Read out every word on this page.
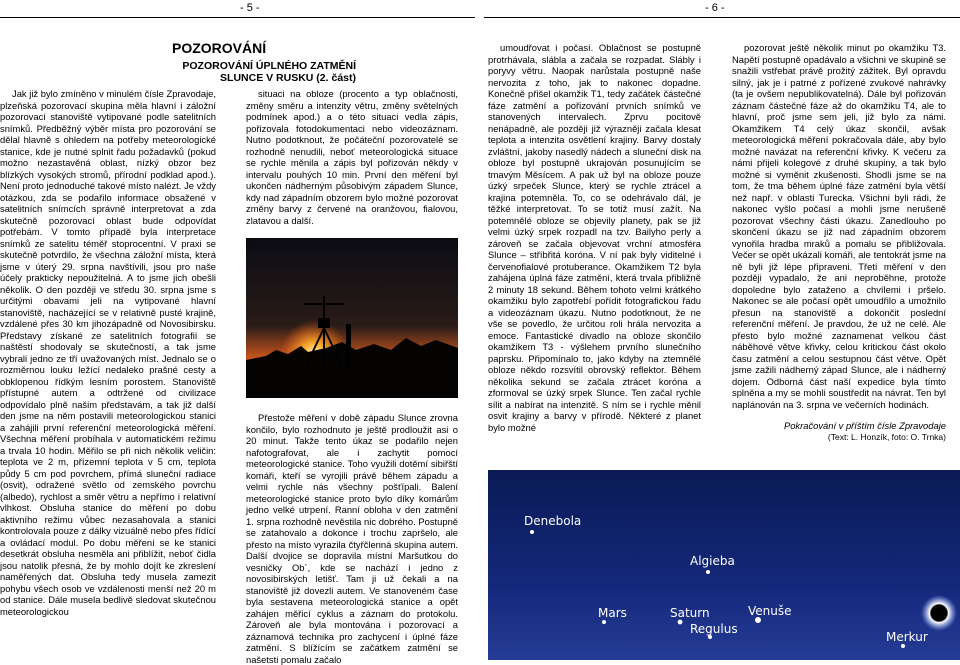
- 5 -	- 6 -
POZOROVÁNÍ
POZOROVÁNÍ ÚPLNÉHO ZATMĚNÍ SLUNCE V RUSKU (2. část)

Jak již bylo zmíněno v minulém čísle Zpravodaje, plzeňská pozorovací skupina měla hlavní i záložní pozorovací stanoviště vytipované podle satelitních snímků. Předběžný výběr místa pro pozorování se dělal hlavně s ohledem na potřeby meteorologické stanice, kde je nutné splnit řadu požadavků (pokud možno nezastavěná oblast, nízký obzor bez blízkých vysokých stromů, přírodní podklad apod.). Není proto jednoduché takové místo nalézt. Je vždy otázkou, zda se podařilo informace obsažené v satelitních snímcích správně interpretovat a zda skutečně pozorovací oblast bude odpovídat potřebám. V tomto případě byla interpretace snímků ze satelitu téměř stoprocentní. V praxi se skutečně potvrdilo, že všechna záložní místa, která jsme v úterý 29. srpna navštívili, jsou pro naše účely prakticky nepoužitelná. A to jsme jich obešli několik. O den později ve středu 30. srpna jsme s určitými obavami jeli na vytipované hlavní stanoviště, nacházející se v relativně pusté krajině, vzdálené přes 30 km jihozápadně od Novosibirsku. Představy získané ze satelitních fotografií se naštěstí shodovaly se skutečností, a tak jsme vybrali jedno ze tří uvažovaných míst. Jednalo se o rozměrnou louku ležící nedaleko prašné cesty a obklopenou řídkým lesním porostem. Stanoviště přístupné autem a odtržené od civilizace odpovídalo plně našim představám, a tak již další den jsme na něm postavili meteorologickou stanici a zahájili první referenční meteorologická měření. Všechna měření probíhala v automatickém režimu a trvala 10 hodin. Měřilo se při nich několik veličin: teplota ve 2 m, přízemní teplota v 5 cm, teplota půdy 5 cm pod povrchem, přímá sluneční radiace (osvit), odražené světlo od zemského povrchu (albedo), rychlost a směr větru a nepřímo i relativní vlhkost. Obsluha stanice do měření po dobu aktivního režimu vůbec nezasahovala a stanici kontrolovala pouze z dálky vizuálně nebo přes řídící a ovládací modul. Po dobu měření se ke stanici desetkrát obsluha nesměla ani přiblížit, neboť čidla jsou natolik přesná, že by mohlo dojít ke zkreslení naměřených dat. Obsluha tedy musela zamezit pohybu všech osob ve vzdálenosti menší než 20 m od stanice. Dále musela bedlivě sledovat skutečnou meteorologickou

situaci na obloze (procento a typ oblačnosti, změny směru a intenzity větru, změny světelných podmínek apod.) a o této situaci vedla zápis, pořizovala fotodokumentaci nebo videozáznam. Nutno podotknout, že počáteční pozorovatelé se rozhodně nenudili, neboť meteorologická situace se rychle měnila a zápis byl pořizován někdy v intervalu pouhých 10 min. První den měření byl ukončen nádherným působivým západem Slunce, kdy nad západním obzorem bylo možné pozorovat změny barvy z červené na oranžovou, fialovou, zlatavou a další.

Přestože měření v době západu Slunce zrovna končilo, bylo rozhodnuto je ještě prodloužit asi o 20 minut. Takže tento úkaz se podařilo nejen nafotografovat, ale i zachytit pomocí meteorologické stanice. Toho využili dotěmí sibiřští komáři, kteří se vyrojili právě během západu a velmi rychle nás všechny pošťípali. Balení meteorologické stanice proto bylo díky komárům jedno velké utrpení. Ranní obloha v den zatmění 1. srpna rozhodně nevěstila nic dobrého. Postupně se zatahovalo a dokonce i trochu zapršelo, ale přesto na místo vyrazila čtyřčlenná skupina autem. Další dvojice se dopravila místní Maršutkou do vesničky Ob´, kde se nachází i jedno z novosibirských letišť. Tam ji už čekali a na stanoviště již dovezli autem. Ve stanoveném čase byla sestavena meteorologická stanice a opět zahájen měřicí cyklus a záznam do protokolu. Zároveň ale byla montována i pozorovací a záznamová technika pro zachycení i úplné fáze zatmění. S blížícím se začátkem zatmění se našetsti pomalu začalo

umoudřovat i počasí. Oblačnost se postupně protrhávala, slábla a začala se rozpadat. Slábly i poryvy větru. Naopak narůstala postupně naše nervozita z toho, jak to nakonec dopadne. Konečně přišel okamžik T1, tedy začátek částečné fáze zatmění a pořizování prvních snímků ve stanovených intervalech. Zprvu pocitově nenápadně, ale později již výrazněji začala klesat teplota a intenzita osvětlení krajiny. Barvy dostaly zvláštní, jakoby nasedlý nádech a sluneční disk na obloze byl postupně ukrajován posunujícím se tmavým Měsícem. A pak už byl na obloze pouze úzký srpeček Slunce, který se rychle ztrácel a krajina potemněla. To, co se odehrávalo dál, je těžké interpretovat. To se totiž musí zažít. Na potemnělé obloze se objevily planety, pak se již velmi úzký srpek rozpadl na tzv. Bailyho perly a zároveň se začala objevovat vrchní atmosféra Slunce – stříbřitá koróna. V ní pak byly viditelné i červenofialové protuberance. Okamžikem T2 byla zahájena úplná fáze zatmění, která trvala přibližně 2 minuty 18 sekund. Během tohoto velmi krátkého okamžiku bylo zapotřebí pořídit fotografickou řadu a videozáznam úkazu. Nutno podotknout, že ne vše se povedlo, že určitou roli hrála nervozita a emoce. Fantastické divadlo na obloze skončilo okamžikem T3 - výšlehem prvního slunečního paprsku. Připomínalo to, jako kdyby na ztemnělé obloze někdo rozsvítil obrovský reflektor. Během několika sekund se začala ztrácet koróna a zformoval se úzký srpek Slunce. Ten začal rychle sílit a nabírat na intenzitě. S ním se i rychle měnil osvit krajiny a barvy v přírodě. Některé z planet bylo možné

pozorovat ještě několik minut po okamžiku T3. Napětí postupně opadávalo a všichni ve skupině se snažili vstřebat právě prožitý zážitek. Byl opravdu silný, jak je i patrné z pořízené zvukové nahrávky (ta je ovšem nepublikovatelná). Dále byl pořizován záznam částečné fáze až do okamžiku T4, ale to hlavní, proč jsme sem jeli, již bylo za námi. Okamžikem T4 celý úkaz skončil, avšak meteorologická měření pokračovala dále, aby bylo možné navázat na referenční křivky. K večeru za námi přijeli kolegové z druhé skupiny, a tak bylo možné si vyměnit zkušenosti. Shodli jsme se na tom, že tma během úplné fáze zatmění byla větší než např. v oblasti Turecka. Všichni byli rádi, že nakonec vyšlo počasí a mohli jsme nerušeně pozorovat všechny části úkazu. Zanedlouho po skončení úkazu se již nad západním obzorem vynořila hradba mraků a pomalu se přibližovala. Večer se opět ukázali komáři, ale tentokrát jsme na ně byli již lépe připraveni. Třetí měření v den později vypadalo, že ani neproběhne, protože dopoledne bylo zataženo a chvílemi i pršelo. Nakonec se ale počasí opět umoudřilo a umožnilo přesun na stanoviště a dokončit poslední referenční měření. Je pravdou, že už ne celé. Ale přesto bylo možné zaznamenat velkou část náběhové větve křivky, celou kritickou část okolo času zatmění a celou sestupnou část větve. Opět jsme zažili nádherný západ Slunce, ale i nádherný dojem. Odborná část naší expedice byla tímto splněna a my se mohli soustředit na návrat. Ten byl naplánován na 3. srpna ve večerních hodinách.

Pokračování v příštím čísle Zpravodaje
(Text: L. Honzík, foto: O. Trnka)
Denebola
Algieba
Saturn
Mars
Regulus
Venuše
Merkur
